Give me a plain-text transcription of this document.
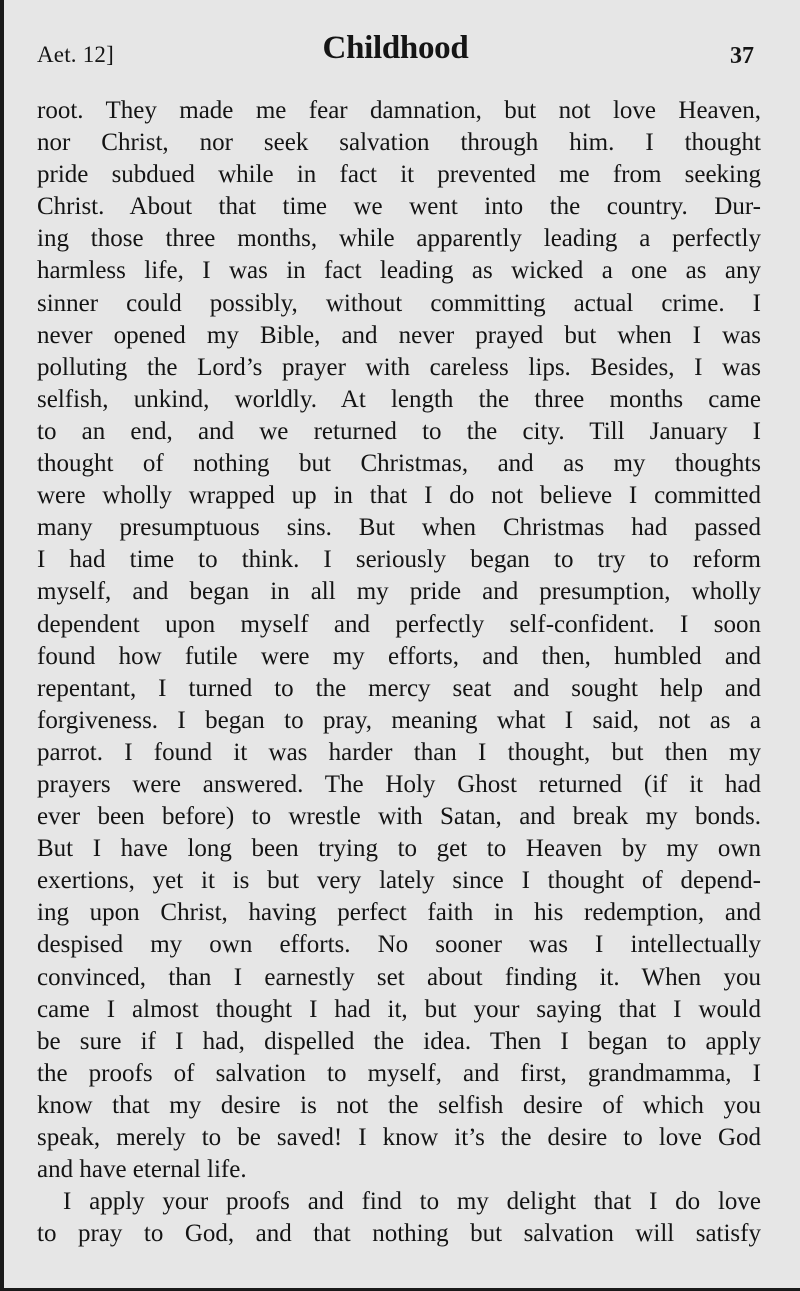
Aet. 12]	Childhood	37
root. They made me fear damnation, but not love Heaven,
nor Christ, nor seek salvation through him. I thought
pride subdued while in fact it prevented me from seeking
Christ. About that time we went into the country. Dur-
ing those three months, while apparently leading a perfectly
harmless life, I was in fact leading as wicked a one as any
sinner could possibly, without committing actual crime. I
never opened my Bible, and never prayed but when I was
polluting the Lord’s prayer with careless lips. Besides, I was
selfish, unkind, worldly. At length the three months came
to an end, and we returned to the city. Till January I
thought of nothing but Christmas, and as my thoughts
were wholly wrapped up in that I do not believe I committed
many presumptuous sins. But when Christmas had passed
I had time to think. I seriously began to try to reform
myself, and began in all my pride and presumption, wholly
dependent upon myself and perfectly self-confident. I soon
found how futile were my efforts, and then, humbled and
repentant, I turned to the mercy seat and sought help and
forgiveness. I began to pray, meaning what I said, not as a
parrot. I found it was harder than I thought, but then my
prayers were answered. The Holy Ghost returned (if it had
ever been before) to wrestle with Satan, and break my bonds.
But I have long been trying to get to Heaven by my own
exertions, yet it is but very lately since I thought of depend-
ing upon Christ, having perfect faith in his redemption, and
despised my own efforts. No sooner was I intellectually
convinced, than I earnestly set about finding it. When you
came I almost thought I had it, but your saying that I would
be sure if I had, dispelled the idea. Then I began to apply
the proofs of salvation to myself, and first, grandmamma, I
know that my desire is not the selfish desire of which you
speak, merely to be saved! I know it’s the desire to love God
and have eternal life.
I apply your proofs and find to my delight that I do love
to pray to God, and that nothing but salvation will satisfy
